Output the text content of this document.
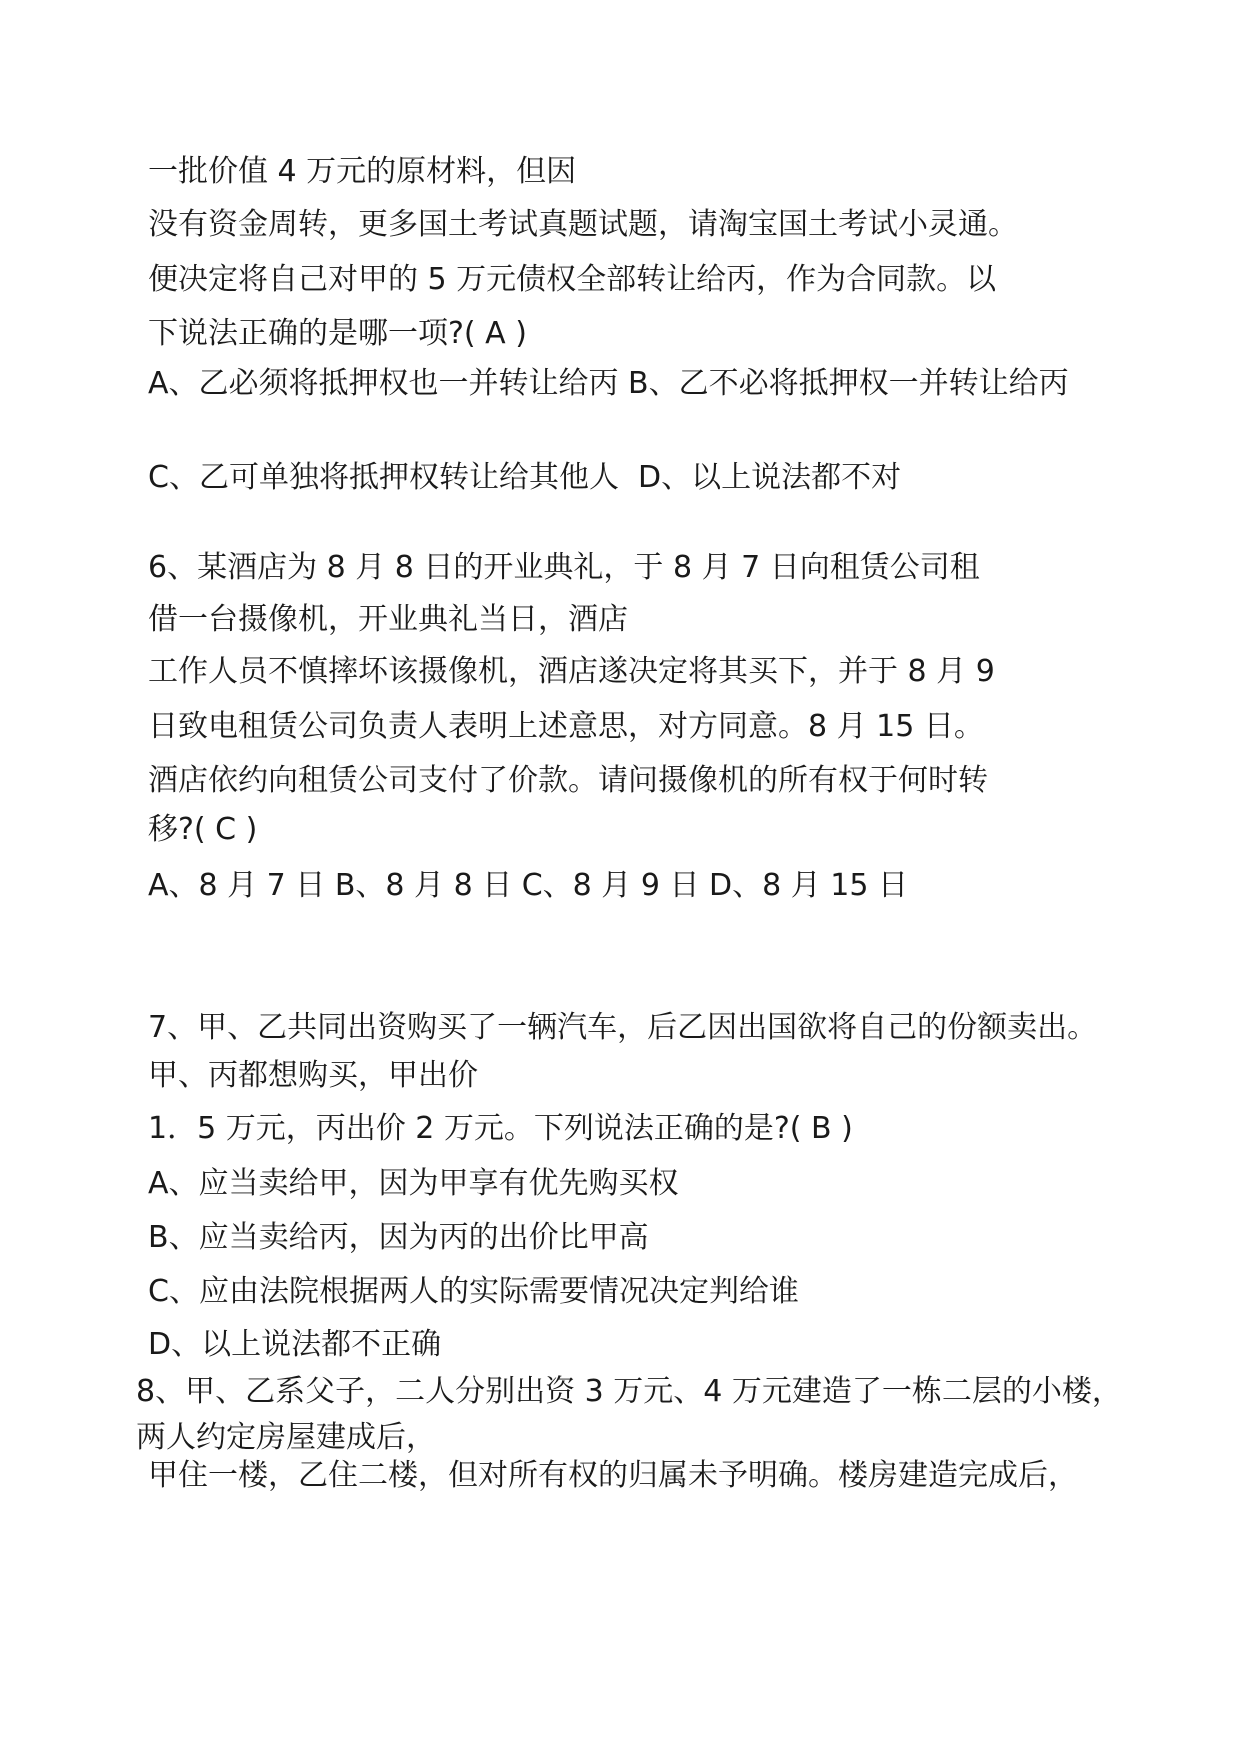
一批价值 4 万元的原材料，但因
没有资金周转，更多国土考试真题试题，请淘宝国土考试小灵通。
便决定将自己对甲的 5 万元债权全部转让给丙，作为合同款。以
下说法正确的是哪一项?( A )
A、乙必须将抵押权也一并转让给丙 B、乙不必将抵押权一并转让给丙
C、乙可单独将抵押权转让给其他人  D、以上说法都不对
6、某酒店为 8 月 8 日的开业典礼，于 8 月 7 日向租赁公司租
借一台摄像机，开业典礼当日，酒店
工作人员不慎摔坏该摄像机，酒店遂决定将其买下，并于 8 月 9
日致电租赁公司负责人表明上述意思，对方同意。8 月 15 日。
酒店依约向租赁公司支付了价款。请问摄像机的所有权于何时转
移?( C )
A、8 月 7 日 B、8 月 8 日 C、8 月 9 日 D、8 月 15 日
7、甲、乙共同出资购买了一辆汽车，后乙因出国欲将自己的份额卖出。甲、丙都想购买，甲出价
1．5 万元，丙出价 2 万元。下列说法正确的是?( B )
A、应当卖给甲，因为甲享有优先购买权
B、应当卖给丙，因为丙的出价比甲高
C、应由法院根据两人的实际需要情况决定判给谁
D、以上说法都不正确
8、甲、乙系父子，二人分别出资 3 万元、4 万元建造了一栋二层的小楼，两人约定房屋建成后，
甲住一楼，乙住二楼，但对所有权的归属未予明确。楼房建造完成后，
